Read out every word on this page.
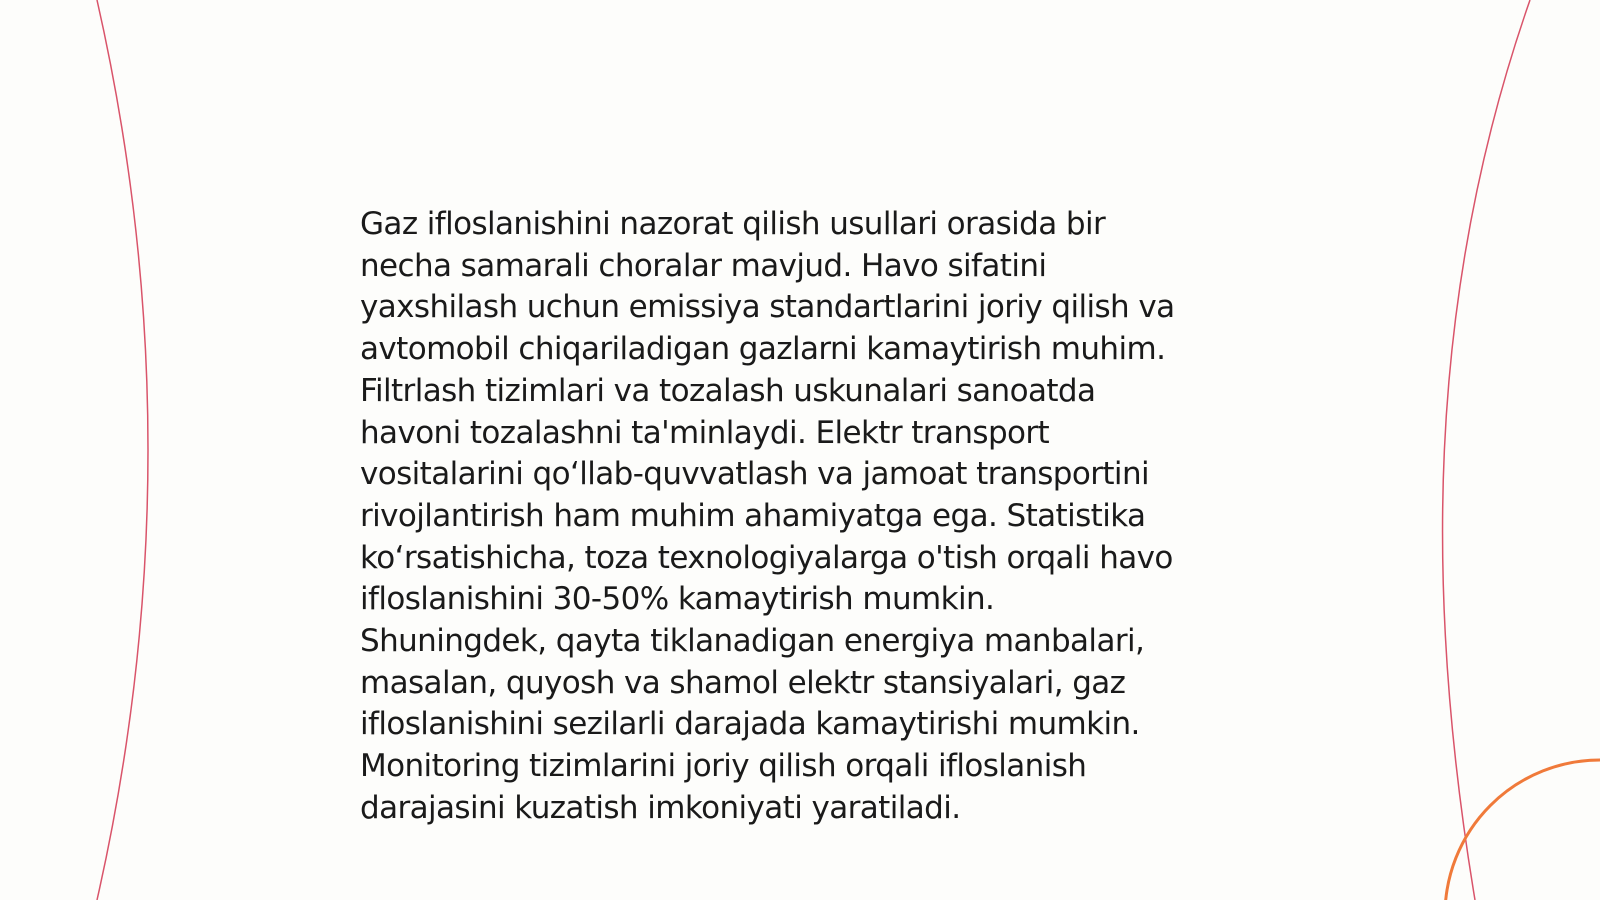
Gaz ifloslanishini nazorat qilish usullari orasida bir
necha samarali choralar mavjud. Havo sifatini
yaxshilash uchun emissiya standartlarini joriy qilish va
avtomobil chiqariladigan gazlarni kamaytirish muhim.
Filtrlash tizimlari va tozalash uskunalari sanoatda
havoni tozalashni ta'minlaydi. Elektr transport
vositalarini qo‘llab-quvvatlash va jamoat transportini
rivojlantirish ham muhim ahamiyatga ega. Statistika
ko‘rsatishicha, toza texnologiyalarga o'tish orqali havo
ifloslanishini 30-50% kamaytirish mumkin.
Shuningdek, qayta tiklanadigan energiya manbalari,
masalan, quyosh va shamol elektr stansiyalari, gaz
ifloslanishini sezilarli darajada kamaytirishi mumkin.
Monitoring tizimlarini joriy qilish orqali ifloslanish
darajasini kuzatish imkoniyati yaratiladi.
